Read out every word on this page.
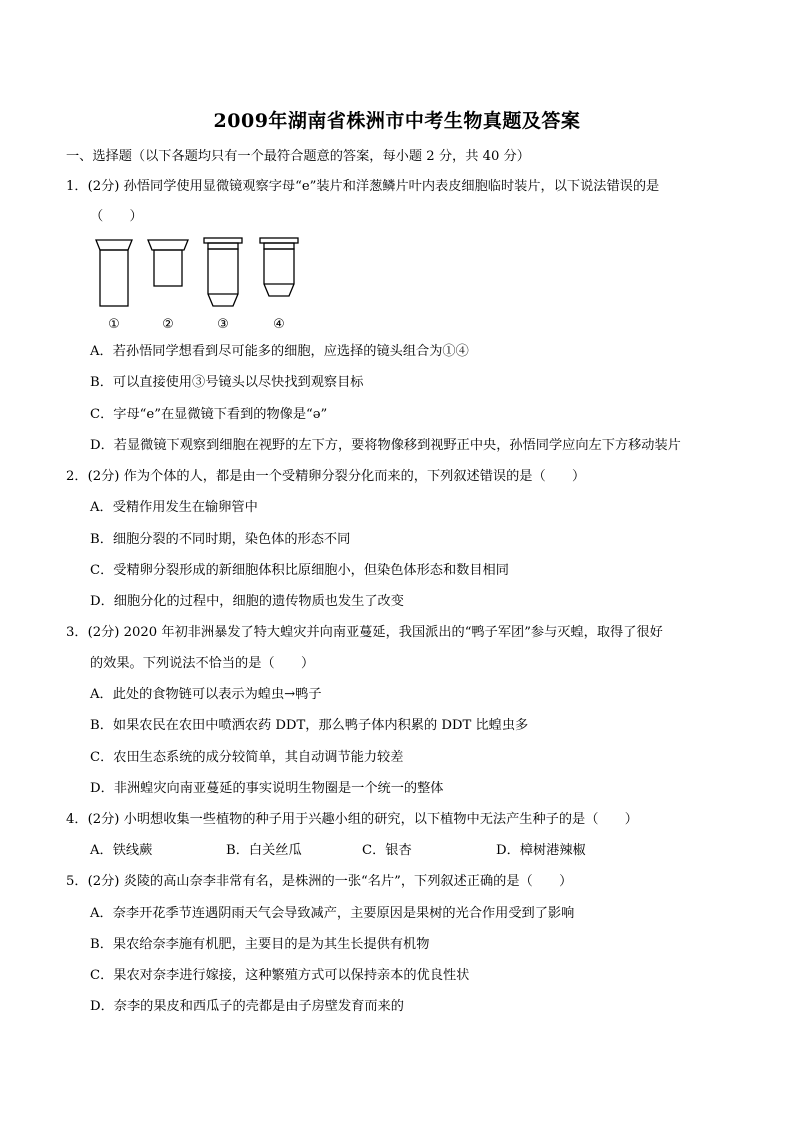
2009年湖南省株洲市中考生物真题及答案
一、选择题（以下各题均只有一个最符合题意的答案，每小题 2 分，共 40 分）
1．(2分) 孙悟同学使用显微镜观察字母“e”装片和洋葱鳞片叶内表皮细胞临时装片，以下说法错误的是
（　　）
①	②	③	④
A．若孙悟同学想看到尽可能多的细胞，应选择的镜头组合为①④
B．可以直接使用③号镜头以尽快找到观察目标
C．字母“e”在显微镜下看到的物像是“ə”
D．若显微镜下观察到细胞在视野的左下方，要将物像移到视野正中央，孙悟同学应向左下方移动装片
2．(2分) 作为个体的人，都是由一个受精卵分裂分化而来的，下列叙述错误的是（　　）
A．受精作用发生在输卵管中
B．细胞分裂的不同时期，染色体的形态不同
C．受精卵分裂形成的新细胞体积比原细胞小，但染色体形态和数目相同
D．细胞分化的过程中，细胞的遗传物质也发生了改变
3．(2分) 2020 年初非洲暴发了特大蝗灾并向南亚蔓延，我国派出的“鸭子军团”参与灭蝗，取得了很好
的效果。下列说法不恰当的是（　　）
A．此处的食物链可以表示为蝗虫→鸭子
B．如果农民在农田中喷洒农药 DDT，那么鸭子体内积累的 DDT 比蝗虫多
C．农田生态系统的成分较简单，其自动调节能力较差
D．非洲蝗灾向南亚蔓延的事实说明生物圈是一个统一的整体
4．(2分) 小明想收集一些植物的种子用于兴趣小组的研究，以下植物中无法产生种子的是（　　）
A．铁线蕨	B．白关丝瓜	C．银杏	D．樟树港辣椒
5．(2分) 炎陵的高山奈李非常有名，是株洲的一张“名片”，下列叙述正确的是（　　）
A．奈李开花季节连遇阴雨天气会导致减产，主要原因是果树的光合作用受到了影响
B．果农给奈李施有机肥，主要目的是为其生长提供有机物
C．果农对奈李进行嫁接，这种繁殖方式可以保持亲本的优良性状
D．奈李的果皮和西瓜子的壳都是由子房壁发育而来的
